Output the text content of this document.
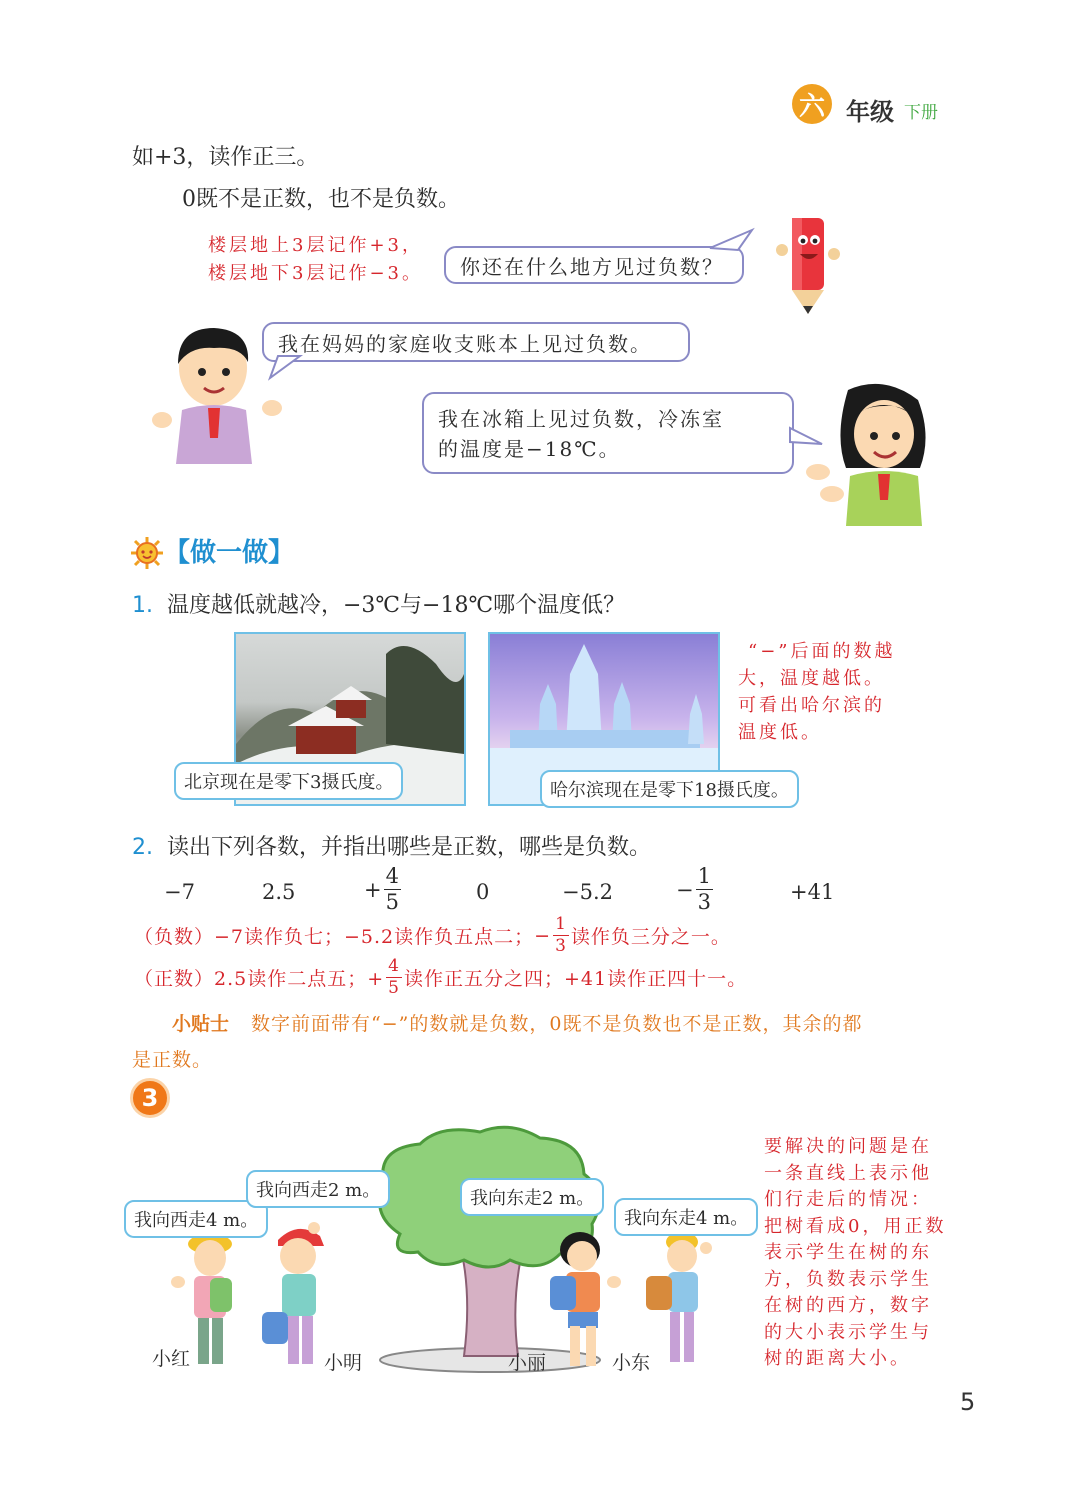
六 年级 下册
如+3，读作正三。
0既不是正数，也不是负数。
楼层地上3层记作+3，
楼层地下3层记作−3。	你还在什么地方见过负数？
我在妈妈的家庭收支账本上见过负数。
我在冰箱上见过负数，冷冻室
的温度是−18℃。
【做一做】
1. 温度越低就越冷，−3℃与−18℃哪个温度低？
北京现在是零下3摄氏度。	哈尔滨现在是零下18摄氏度。
“−”后面的数越
大，温度越低。
可看出哈尔滨的
温度低。
2. 读出下列各数，并指出哪些是正数，哪些是负数。
−7	2.5	+ $\frac{4}{5}$	0	−5.2	− $\frac{1}{3}$	+41
（负数）−7读作负七；−5.2读作负五点二； − $\frac{1}{3}$ 读作负三分之一。
（正数）2.5读作二点五；+ $\frac{4}{5}$ 读作正五分之四；+41读作正四十一。
小贴士 数字前面带有“−”的数就是负数，0既不是负数也不是正数，其余的都
是正数。
3
我向西走4 m。
我向西走2 m。	我向东走2 m。
我向东走4 m。
小红	小明	小丽	小东
要解决的问题是在
一条直线上表示他
们行走后的情况：
把树看成0，用正数
表示学生在树的东
方，负数表示学生
在树的西方，数字
的大小表示学生与
树的距离大小。
5
